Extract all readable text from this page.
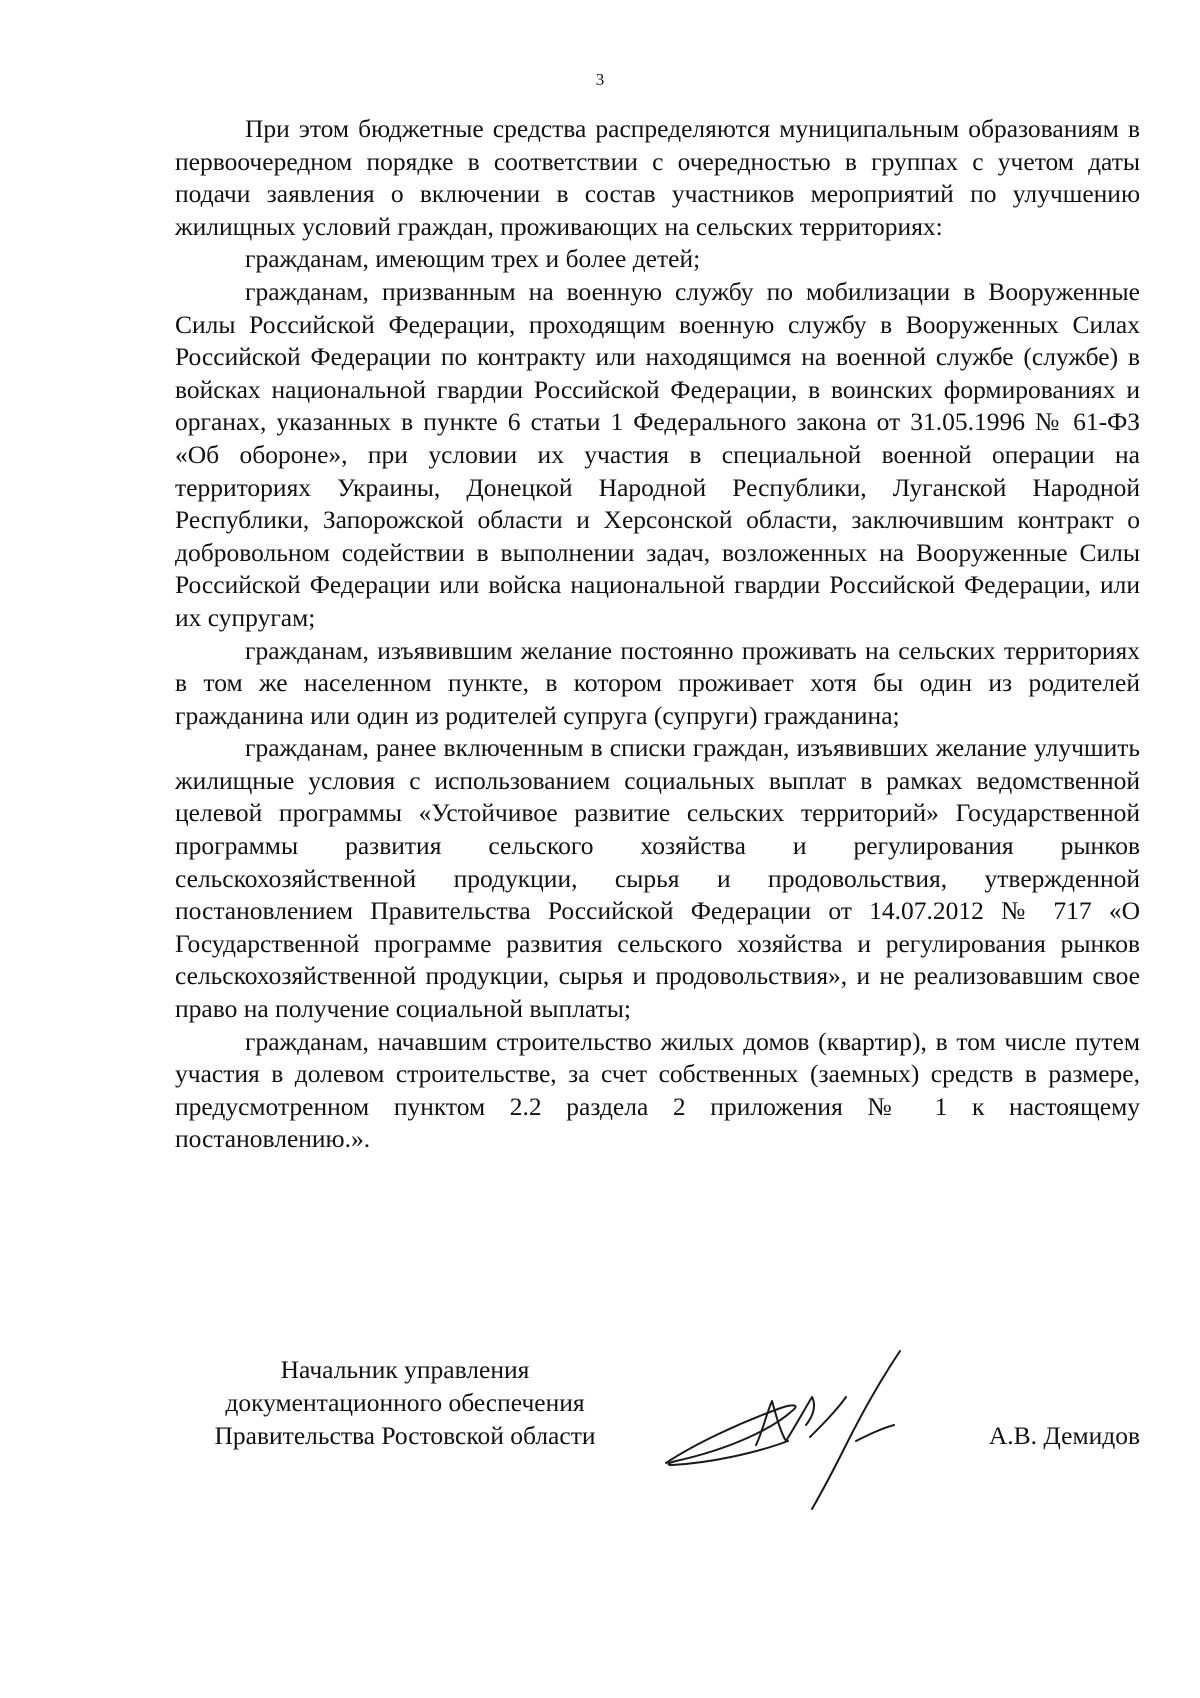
3

При этом бюджетные средства распределяются муниципальным образованиям в первоочередном порядке в соответствии с очередностью в группах с учетом даты подачи заявления о включении в состав участников мероприятий по улучшению жилищных условий граждан, проживающих на сельских территориях:

гражданам, имеющим трех и более детей;

гражданам, призванным на военную службу по мобилизации в Вооруженные Силы Российской Федерации, проходящим военную службу в Вооруженных Силах Российской Федерации по контракту или находящимся на военной службе (службе) в войсках национальной гвардии Российской Федерации, в воинских формированиях и органах, указанных в пункте 6 статьи 1 Федерального закона от 31.05.1996 № 61-ФЗ «Об обороне», при условии их участия в специальной военной операции на территориях Украины, Донецкой Народной Республики, Луганской Народной Республики, Запорожской области и Херсонской области, заключившим контракт о добровольном содействии в выполнении задач, возложенных на Вооруженные Силы Российской Федерации или войска национальной гвардии Российской Федерации, или их супругам;

гражданам, изъявившим желание постоянно проживать на сельских территориях в том же населенном пункте, в котором проживает хотя бы один из родителей гражданина или один из родителей супруга (супруги) гражданина;

гражданам, ранее включенным в списки граждан, изъявивших желание улучшить жилищные условия с использованием социальных выплат в рамках ведомственной целевой программы «Устойчивое развитие сельских территорий» Государственной программы развития сельского хозяйства и регулирования рынков сельскохозяйственной продукции, сырья и продовольствия, утвержденной постановлением Правительства Российской Федерации от 14.07.2012 № 717 «О Государственной программе развития сельского хозяйства и регулирования рынков сельскохозяйственной продукции, сырья и продовольствия», и не реализовавшим свое право на получение социальной выплаты;

гражданам, начавшим строительство жилых домов (квартир), в том числе путем участия в долевом строительстве, за счет собственных (заемных) средств в размере, предусмотренном пунктом 2.2 раздела 2 приложения № 1 к настоящему постановлению.».

Начальник управления
документационного обеспечения
Правительства Ростовской области	А.В. Демидов
